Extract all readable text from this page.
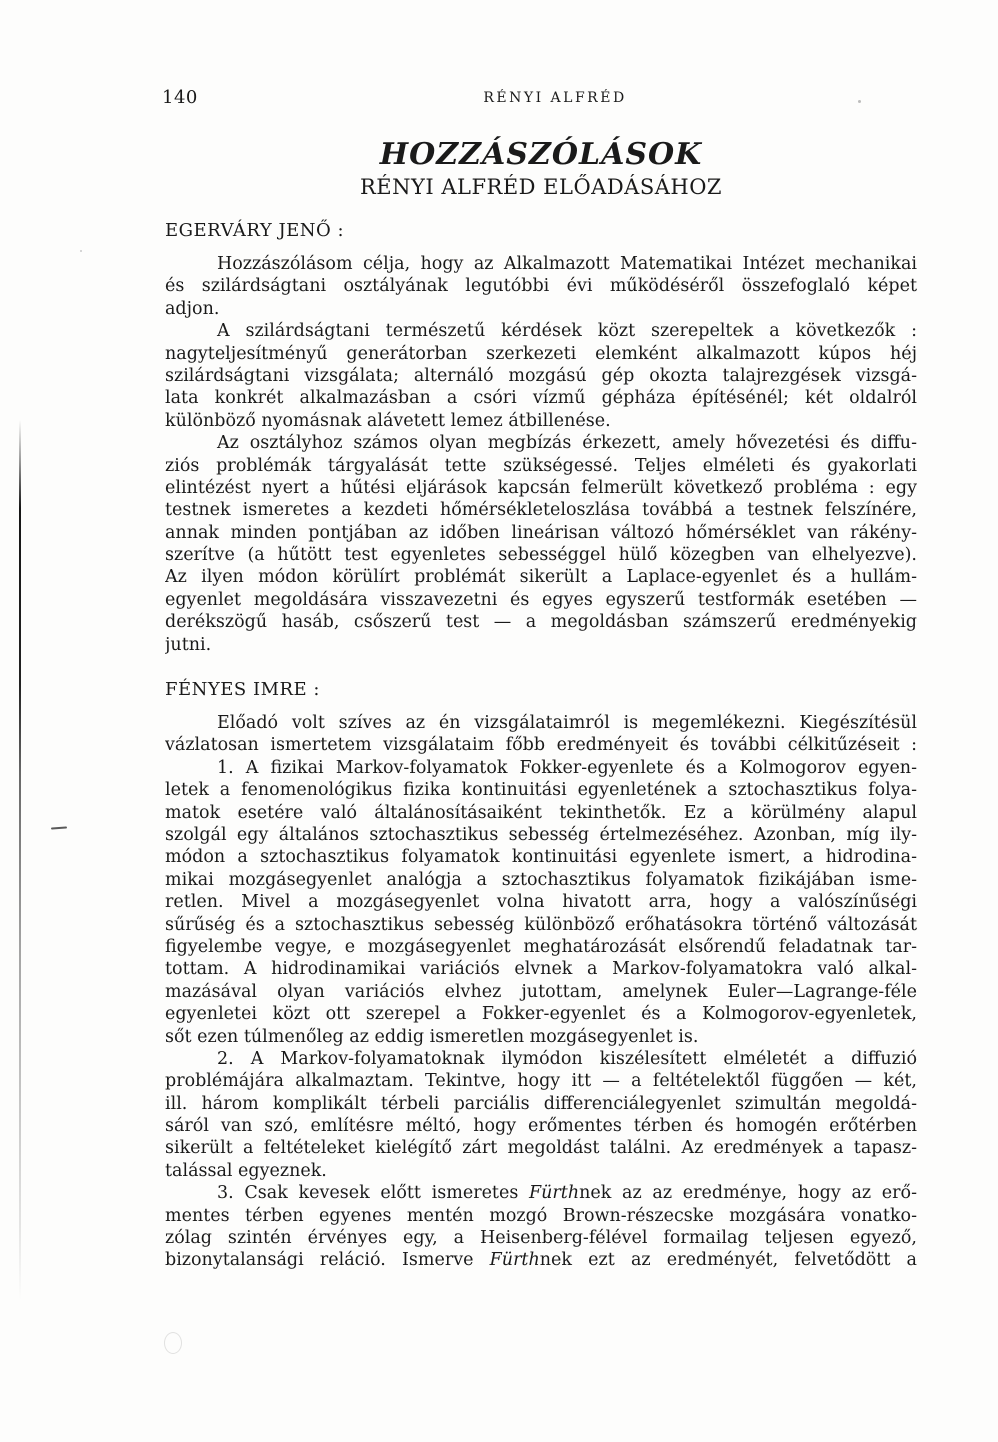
140	RÉNYI ALFRÉD
HOZZÁSZÓLÁSOK
RÉNYI ALFRÉD ELŐADÁSÁHOZ
EGERVÁRY JENŐ :
Hozzászólásom célja, hogy az Alkalmazott Matematikai Intézet mechanikai
és szilárdságtani osztályának legutóbbi évi működéséről összefoglaló képet
adjon.
A szilárdságtani természetű kérdések közt szerepeltek a következők :
nagyteljesítményű generátorban szerkezeti elemként alkalmazott kúpos héj
szilárdságtani vizsgálata; alternáló mozgású gép okozta talajrezgések vizsgá-
lata konkrét alkalmazásban a csóri vízmű gépháza építésénél; két oldalról
különböző nyomásnak alávetett lemez átbillenése.
Az osztályhoz számos olyan megbízás érkezett, amely hővezetési és diffu-
ziós problémák tárgyalását tette szükségessé. Teljes elméleti és gyakorlati
elintézést nyert a hűtési eljárások kapcsán felmerült következő probléma : egy
testnek ismeretes a kezdeti hőmérsékleteloszlása továbbá a testnek felszínére,
annak minden pontjában az időben lineárisan változó hőmérséklet van rákény-
szerítve (a hűtött test egyenletes sebességgel hülő közegben van elhelyezve).
Az ilyen módon körülírt problémát sikerült a Laplace-egyenlet és a hullám-
egyenlet megoldására visszavezetni és egyes egyszerű testformák esetében —
derékszögű hasáb, csőszerű test — a megoldásban számszerű eredményekig
jutni.
FÉNYES IMRE :
Előadó volt szíves az én vizsgálataimról is megemlékezni. Kiegészítésül
vázlatosan ismertetem vizsgálataim főbb eredményeit és további célkitűzéseit :
1. A fizikai Markov-folyamatok Fokker-egyenlete és a Kolmogorov egyen-
letek a fenomenológikus fizika kontinuitási egyenletének a sztochasztikus folya-
matok esetére való általánosításaiként tekinthetők. Ez a körülmény alapul
szolgál egy általános sztochasztikus sebesség értelmezéséhez. Azonban, míg ily-
módon a sztochasztikus folyamatok kontinuitási egyenlete ismert, a hidrodina-
mikai mozgásegyenlet analógja a sztochasztikus folyamatok fizikájában isme-
retlen. Mivel a mozgásegyenlet volna hivatott arra, hogy a valószínűségi
sűrűség és a sztochasztikus sebesség különböző erőhatásokra történő változását
figyelembe vegye, e mozgásegyenlet meghatározását elsőrendű feladatnak tar-
tottam. A hidrodinamikai variációs elvnek a Markov-folyamatokra való alkal-
mazásával olyan variációs elvhez jutottam, amelynek Euler—Lagrange-féle
egyenletei közt ott szerepel a Fokker-egyenlet és a Kolmogorov-egyenletek,
sőt ezen túlmenőleg az eddig ismeretlen mozgásegyenlet is.
2. A Markov-folyamatoknak ilymódon kiszélesített elméletét a diffuzió
problémájára alkalmaztam. Tekintve, hogy itt — a feltételektől függően — két,
ill. három komplikált térbeli parciális differenciálegyenlet szimultán megoldá-
sáról van szó, említésre méltó, hogy erőmentes térben és homogén erőtérben
sikerült a feltételeket kielégítő zárt megoldást találni. Az eredmények a tapasz-
talással egyeznek.
3. Csak kevesek előtt ismeretes Fürthnek az az eredménye, hogy az erő-
mentes térben egyenes mentén mozgó Brown-részecske mozgására vonatko-
zólag szintén érvényes egy, a Heisenberg-félével formailag teljesen egyező,
bizonytalansági reláció. Ismerve Fürthnek ezt az eredményét, felvetődött a
